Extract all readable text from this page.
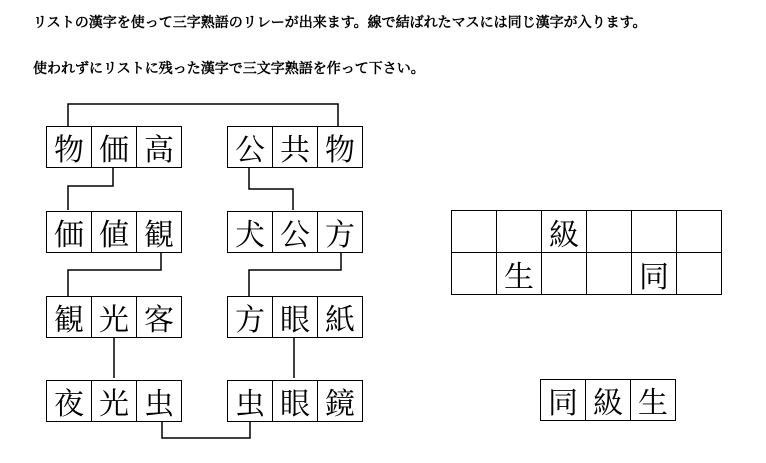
リストの漢字を使って三字熟語のリレーが出来ます。線で結ばれたマスには同じ漢字が入ります。
使われずにリストに残った漢字で三文字熟語を作って下さい。
物 価 高
価 値 観
観 光 客
夜 光 虫
公 共 物
犬 公 方
方 眼 紙
虫 眼 鏡
級
生	同
同 級 生
